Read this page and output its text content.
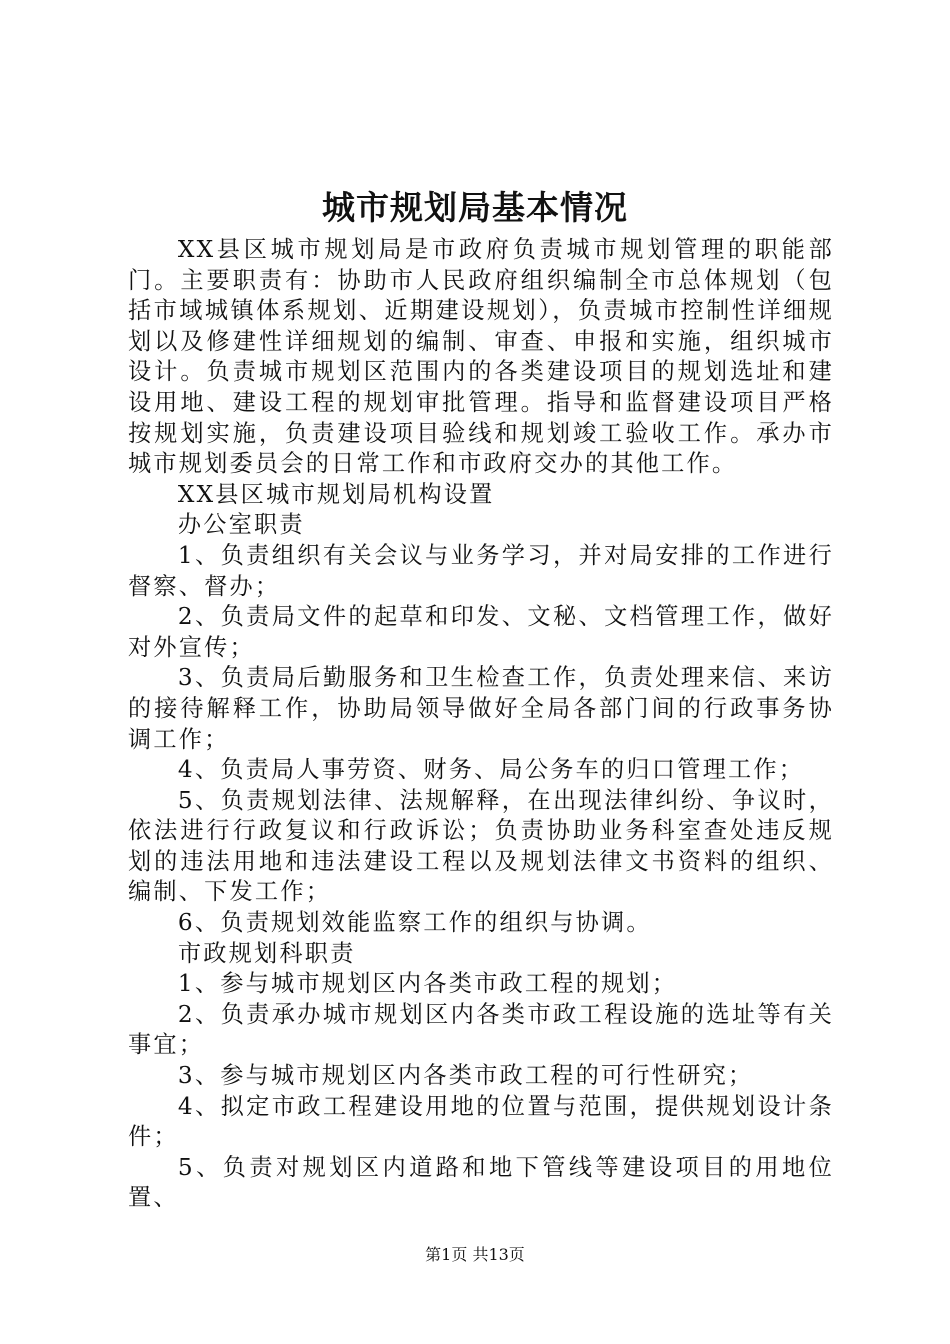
城市规划局基本情况

XX县区城市规划局是市政府负责城市规划管理的职能部门。主要职责有：协助市人民政府组织编制全市总体规划（包括市域城镇体系规划、近期建设规划），负责城市控制性详细规划以及修建性详细规划的编制、审查、申报和实施，组织城市设计。负责城市规划区范围内的各类建设项目的规划选址和建设用地、建设工程的规划审批管理。指导和监督建设项目严格按规划实施，负责建设项目验线和规划竣工验收工作。承办市城市规划委员会的日常工作和市政府交办的其他工作。

XX县区城市规划局机构设置

办公室职责

1、负责组织有关会议与业务学习，并对局安排的工作进行督察、督办；

2、负责局文件的起草和印发、文秘、文档管理工作，做好对外宣传；

3、负责局后勤服务和卫生检查工作，负责处理来信、来访的接待解释工作，协助局领导做好全局各部门间的行政事务协调工作；

4、负责局人事劳资、财务、局公务车的归口管理工作；

5、负责规划法律、法规解释，在出现法律纠纷、争议时，依法进行行政复议和行政诉讼；负责协助业务科室查处违反规划的违法用地和违法建设工程以及规划法律文书资料的组织、编制、下发工作；

6、负责规划效能监察工作的组织与协调。

市政规划科职责

1、参与城市规划区内各类市政工程的规划；

2、负责承办城市规划区内各类市政工程设施的选址等有关事宜；

3、参与城市规划区内各类市政工程的可行性研究；

4、拟定市政工程建设用地的位置与范围，提供规划设计条件；

5、负责对规划区内道路和地下管线等建设项目的用地位置、

第1页 共13页
